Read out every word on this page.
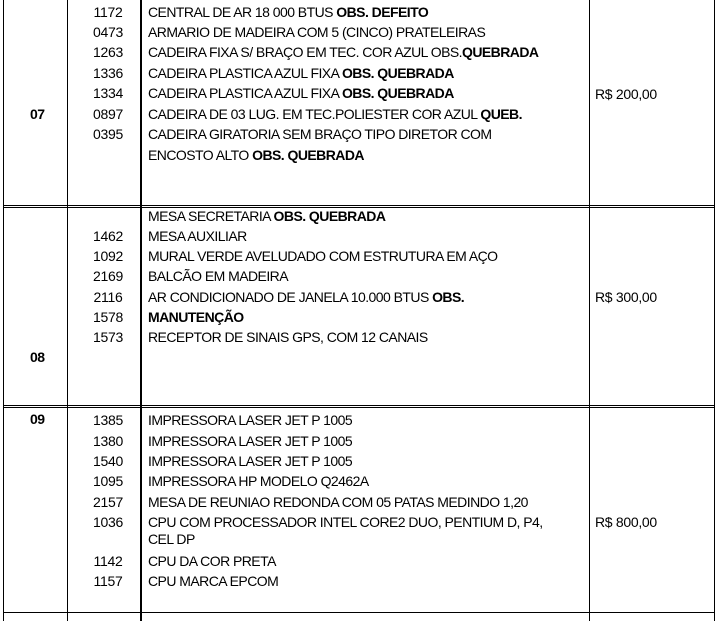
07
R$ 200,00
1172
0473
1263
1336
1334
0897
0395
CENTRAL DE AR 18 000 BTUS OBS. DEFEITO
ARMARIO DE MADEIRA COM 5 (CINCO) PRATELEIRAS
CADEIRA FIXA S/ BRAÇO EM TEC. COR AZUL OBS.QUEBRADA
CADEIRA PLASTICA AZUL FIXA OBS. QUEBRADA
CADEIRA PLASTICA AZUL FIXA OBS. QUEBRADA
CADEIRA DE 03 LUG. EM TEC.POLIESTER COR AZUL QUEB.
CADEIRA GIRATORIA SEM BRAÇO TIPO DIRETOR COM
ENCOSTO ALTO OBS. QUEBRADA
08
R$ 300,00
1462
1092
2169
2116
1578
1573
MESA SECRETARIA OBS. QUEBRADA
MESA AUXILIAR
MURAL VERDE AVELUDADO COM ESTRUTURA EM AÇO
BALCÃO EM MADEIRA
AR CONDICIONADO DE JANELA 10.000 BTUS OBS.
MANUTENÇÃO
RECEPTOR DE SINAIS GPS, COM 12 CANAIS
09
R$ 800,00
1385
1380
1540
1095
2157
1036
1142
1157
IMPRESSORA LASER JET P 1005
IMPRESSORA LASER JET P 1005
IMPRESSORA LASER JET P 1005
IMPRESSORA HP MODELO Q2462A
MESA DE REUNIAO REDONDA COM 05 PATAS MEDINDO 1,20
CPU COM PROCESSADOR INTEL CORE2 DUO, PENTIUM D, P4,
CEL DP
CPU DA COR PRETA
CPU MARCA EPCOM
